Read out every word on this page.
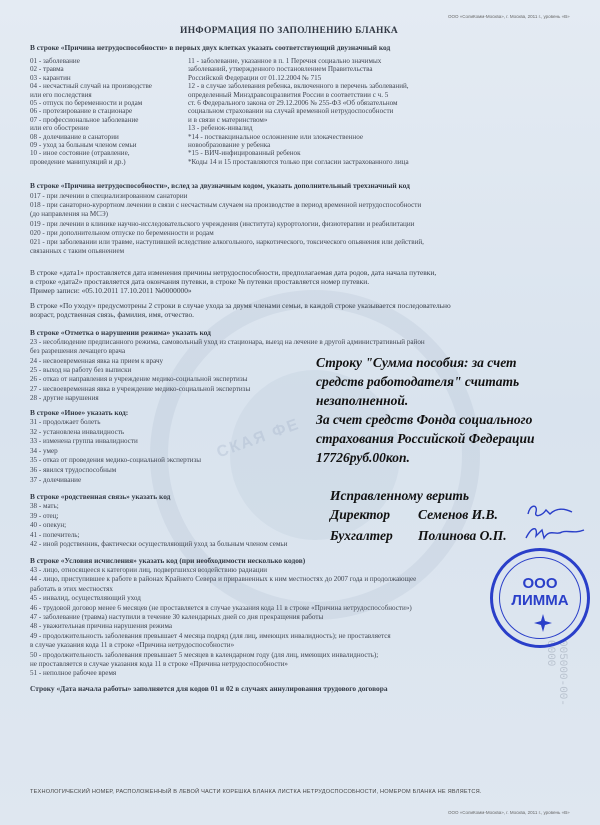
СКАЯ ФЕ
ООО «СолиКомм-Москва», г. Москва, 2011 г., уровень «В»
ИНФОРМАЦИЯ ПО ЗАПОЛНЕНИЮ БЛАНКА
В строке «Причина нетрудоспособности» в первых двух клетках указать соответствующий двузначный код
01 - заболевание
02 - травма
03 - карантин
04 - несчастный случай на производстве
или его последствия
05 - отпуск по беременности и родам
06 - протезирование в стационаре
07 - профессиональное заболевание
или его обострение
08 - долечивание в санатории
09 - уход за больным членом семьи
10 - иное состояние (отравление,
проведение манипуляций и др.)
11 - заболевание, указанное в п. 1 Перечня социально значимых
заболеваний, утвержденного постановлением Правительства
Российской Федерации от 01.12.2004 № 715
12 - в случае заболевания ребенка, включенного в перечень заболеваний,
определенный Минздравсоцразвития России в соответствии с ч. 5
ст. 6 Федерального закона от 29.12.2006 № 255-ФЗ «Об обязательном
социальном страховании на случай временной нетрудоспособности
и в связи с материнством»
13 - ребенок-инвалид
*14 - поствакцинальное осложнение или злокачественное
новообразование у ребенка
*15 - ВИЧ-инфицированный ребенок
*Коды 14 и 15 проставляются только при согласии застрахованного лица
В строке «Причина нетрудоспособности», вслед за двузначным кодом, указать дополнительный трехзначный код
017 - при лечении в специализированном санатории
018 - при санаторно-курортном лечении в связи с несчастным случаем на производстве в период временной нетрудоспособности
(до направления на МСЭ)
019 - при лечении в клинике научно-исследовательского учреждения (института) курортологии, физиотерапии и реабилитации
020 - при дополнительном отпуске по беременности и родам
021 - при заболевании или травме, наступившей вследствие алкогольного, наркотического, токсического опьянения или действий,
связанных с таким опьянением
В строке «дата1» проставляется дата изменения причины нетрудоспособности, предполагаемая дата родов, дата начала путевки,
в строке «дата2» проставляется дата окончания путевки, в строке № путевки проставляется номер путевки.
Пример записи: «05.10.2011 17.10.2011 №0000000»
В строке «По уходу» предусмотрены 2 строки в случае ухода за двумя членами семьи, в каждой строке указывается последовательно
возраст, родственная связь, фамилия, имя, отчество.
В строке «Отметка о нарушении режима» указать код
23 - несоблюдение предписанного режима, самовольный уход из стационара, выезд на лечение в другой административный район
без разрешения лечащего врача
24 - несвоевременная явка на прием к врачу
25 - выход на работу без выписки
26 - отказ от направления в учреждение медико-социальной экспертизы
27 - несвоевременная явка в учреждение медико-социальной экспертизы
28 - другие нарушения
В строке «Иное» указать код:
31 - продолжает болеть
32 - установлена инвалидность
33 - изменена группа инвалидности
34 - умер
35 - отказ от проведения медико-социальной экспертизы
36 - явился трудоспособным
37 - долечивание
В строке «родственная связь» указать код
38 - мать;
39 - отец;
40 - опекун;
41 - попечитель;
42 - иной родственник, фактически осуществляющий уход за больным членом семьи
В строке «Условия исчисления» указать код (при необходимости несколько кодов)
43 - лицо, относящееся к категории лиц, подвергшихся воздействию радиации
44 - лицо, приступившее к работе в районах Крайнего Севера и приравненных к ним местностях до 2007 года и продолжающее
работать в этих местностях
45 - инвалид, осуществляющий уход
46 - трудовой договор менее 6 месяцев (не проставляется в случае указания кода 11 в строке «Причина нетрудоспособности»)
47 - заболевание (травма) наступили в течение 30 календарных дней со дня прекращения работы
48 - уважительная причина нарушения режима
49 - продолжительность заболевания превышает 4 месяца подряд (для лиц, имеющих инвалидность); не проставляется
в случае указания кода 11 в строке «Причина нетрудоспособности»
50 - продолжительность заболевания превышает 5 месяцев в календарном году (для лиц, имеющих инвалидность);
не проставляется в случае указания кода 11 в строке «Причина нетрудоспособности»
51 - неполное рабочее время
Строку «Дата начала работы» заполняется для кодов 01 и 02 в случаях аннулирования трудового договора	005000-00-0000
ТЕХНОЛОГИЧЕСКИЙ НОМЕР, РАСПОЛОЖЕННЫЙ В ЛЕВОЙ ЧАСТИ КОРЕШКА БЛАНКА ЛИСТКА НЕТРУДОСПОСОБНОСТИ, НОМЕРОМ БЛАНКА НЕ ЯВЛЯЕТСЯ.
ООО «СолиКомм-Москва», г. Москва, 2011 г., уровень «В»
Строку "Сумма пособия: за счет
средств работодателя" считать
незаполненной.
За счет средств Фонда социального
страхования Российской Федерации
17726руб.00коп.
Исправленному верить
Директор Семенов И.В.
Бухгалтер Полинова О.П.
ООО
ЛИММА
